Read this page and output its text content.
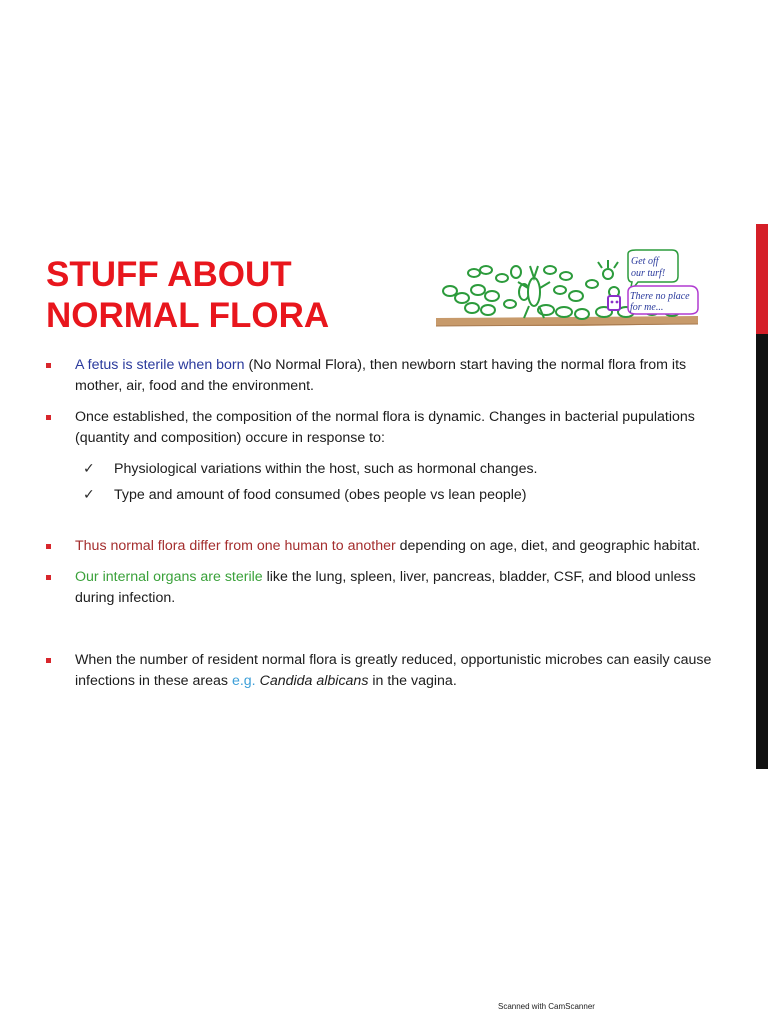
STUFF ABOUT
NORMAL FLORA
Get off
our turf!
There no place
for me...

A fetus is sterile when born (No Normal Flora), then newborn start having the normal flora from its mother, air, food and the environment.

Once established, the composition of the normal flora is dynamic. Changes in bacterial pupulations (quantity and composition) occure in response to:

✓ Physiological variations within the host, such as hormonal changes.

✓ Type and amount of food consumed (obes people vs lean people)

Thus normal flora differ from one human to another depending on age, diet, and geographic habitat.

Our internal organs are sterile like the lung, spleen, liver, pancreas, bladder, CSF, and blood unless during infection.

When the number of resident normal flora is greatly reduced, opportunistic microbes can easily cause infections in these areas e.g. Candida albicans in the vagina.

Scanned with CamScanner
